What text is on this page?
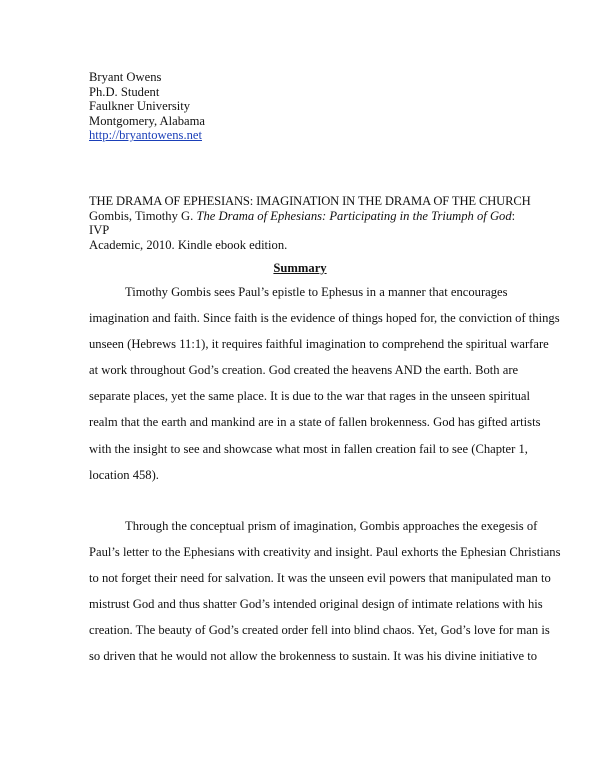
Bryant Owens
Ph.D. Student
Faulkner University
Montgomery, Alabama
http://bryantowens.net
THE DRAMA OF EPHESIANS: IMAGINATION IN THE DRAMA OF THE CHURCH
Gombis, Timothy G. The Drama of Ephesians: Participating in the Triumph of God: IVP
Academic, 2010. Kindle ebook edition.
Summary
Timothy Gombis sees Paul’s epistle to Ephesus in a manner that encourages
imagination and faith. Since faith is the evidence of things hoped for, the conviction of things
unseen (Hebrews 11:1), it requires faithful imagination to comprehend the spiritual warfare
at work throughout God’s creation. God created the heavens AND the earth. Both are
separate places, yet the same place. It is due to the war that rages in the unseen spiritual
realm that the earth and mankind are in a state of fallen brokenness. God has gifted artists
with the insight to see and showcase what most in fallen creation fail to see (Chapter 1,
location 458).
Through the conceptual prism of imagination, Gombis approaches the exegesis of
Paul’s letter to the Ephesians with creativity and insight. Paul exhorts the Ephesian Christians
to not forget their need for salvation. It was the unseen evil powers that manipulated man to
mistrust God and thus shatter God’s intended original design of intimate relations with his
creation. The beauty of God’s created order fell into blind chaos. Yet, God’s love for man is
so driven that he would not allow the brokenness to sustain. It was his divine initiative to
